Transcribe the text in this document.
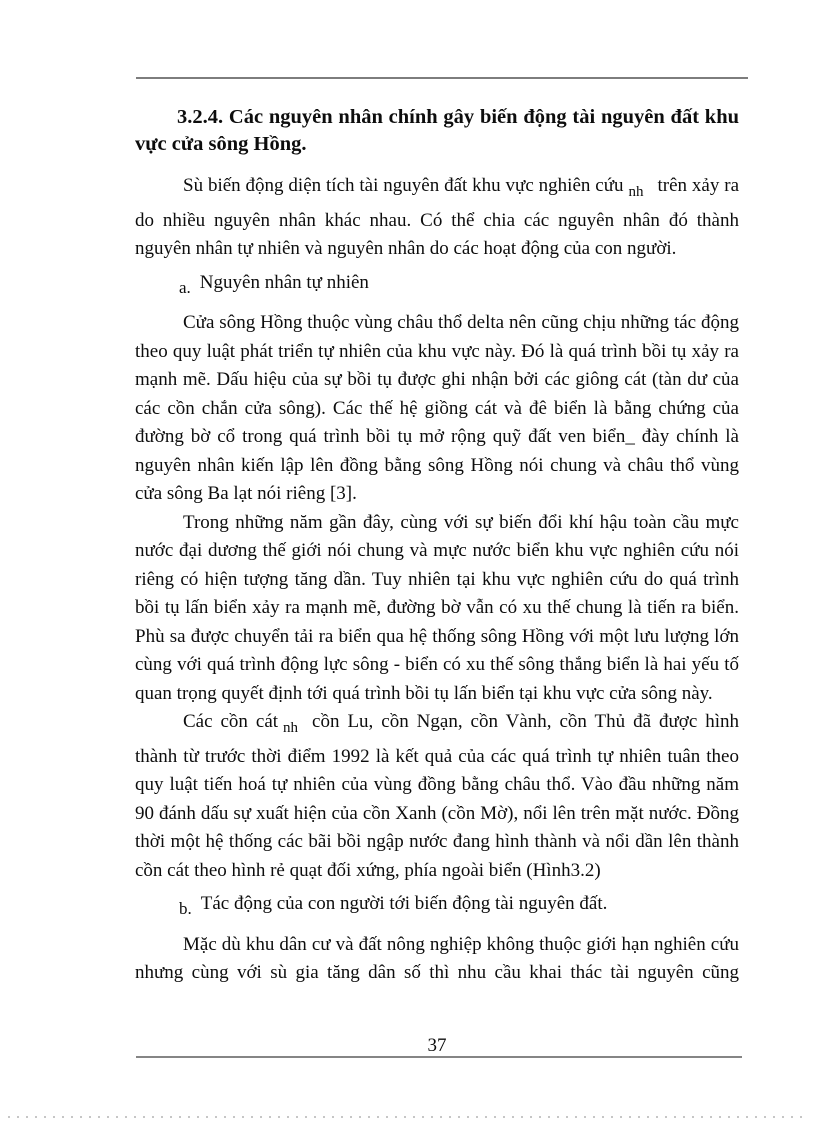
3.2.4. Các nguyên nhân chính gây biến động tài nguyên đất khu vực cửa sông Hồng.

Sù biến động diện tích tài nguyên đất khu vực nghiên cứu $_{nh}$ trên xảy ra do nhiều nguyên nhân khác nhau. Có thể chia các nguyên nhân đó thành nguyên nhân tự nhiên và nguyên nhân do các hoạt động của con người.

a. Nguyên nhân tự nhiên

Cửa sông Hồng thuộc vùng châu thổ delta nên cũng chịu những tác động theo quy luật phát triển tự nhiên của khu vực này. Đó là quá trình bồi tụ xảy ra mạnh mẽ. Dấu hiệu của sự bồi tụ được ghi nhận bởi các giông cát (tàn dư của các cồn chắn cửa sông). Các thế hệ giồng cát và đê biển là bằng chứng của đường bờ cổ trong quá trình bồi tụ mở rộng quỹ đất ven biển_ đày chính là nguyên nhân kiến lập lên đồng bằng sông Hồng nói chung và châu thổ vùng cửa sông Ba lạt nói riêng [3].

Trong những năm gần đây, cùng với sự biến đổi khí hậu toàn cầu mực nước đại dương thế giới nói chung và mực nước biển khu vực nghiên cứu nói riêng có hiện tượng tăng dần. Tuy nhiên tại khu vực nghiên cứu do quá trình bồi tụ lấn biển xảy ra mạnh mẽ, đường bờ vẫn có xu thế chung là tiến ra biển. Phù sa được chuyển tải ra biển qua hệ thống sông Hồng với một lưu lượng lớn cùng với quá trình động lực sông - biển có xu thế sông thắng biển là hai yếu tố quan trọng quyết định tới quá trình bồi tụ lấn biển tại khu vực cửa sông này.

Các cồn cát $_{nh}$ cồn Lu, cồn Ngạn, cồn Vành, cồn Thủ đã được hình thành từ trước thời điểm 1992 là kết quả của các quá trình tự nhiên tuân theo quy luật tiến hoá tự nhiên của vùng đồng bằng châu thổ. Vào đầu những năm 90 đánh dấu sự xuất hiện của cồn Xanh (cồn Mờ), nổi lên trên mặt nước. Đồng thời một hệ thống các bãi bồi ngập nước đang hình thành và nổi dần lên thành cồn cát theo hình rẻ quạt đối xứng, phía ngoài biển (Hình3.2)

b. Tác động của con người tới biến động tài nguyên đất.

Mặc dù khu dân cư và đất nông nghiệp không thuộc giới hạn nghiên cứu nhưng cùng với sù gia tăng dân số thì nhu cầu khai thác tài nguyên cũng

37
